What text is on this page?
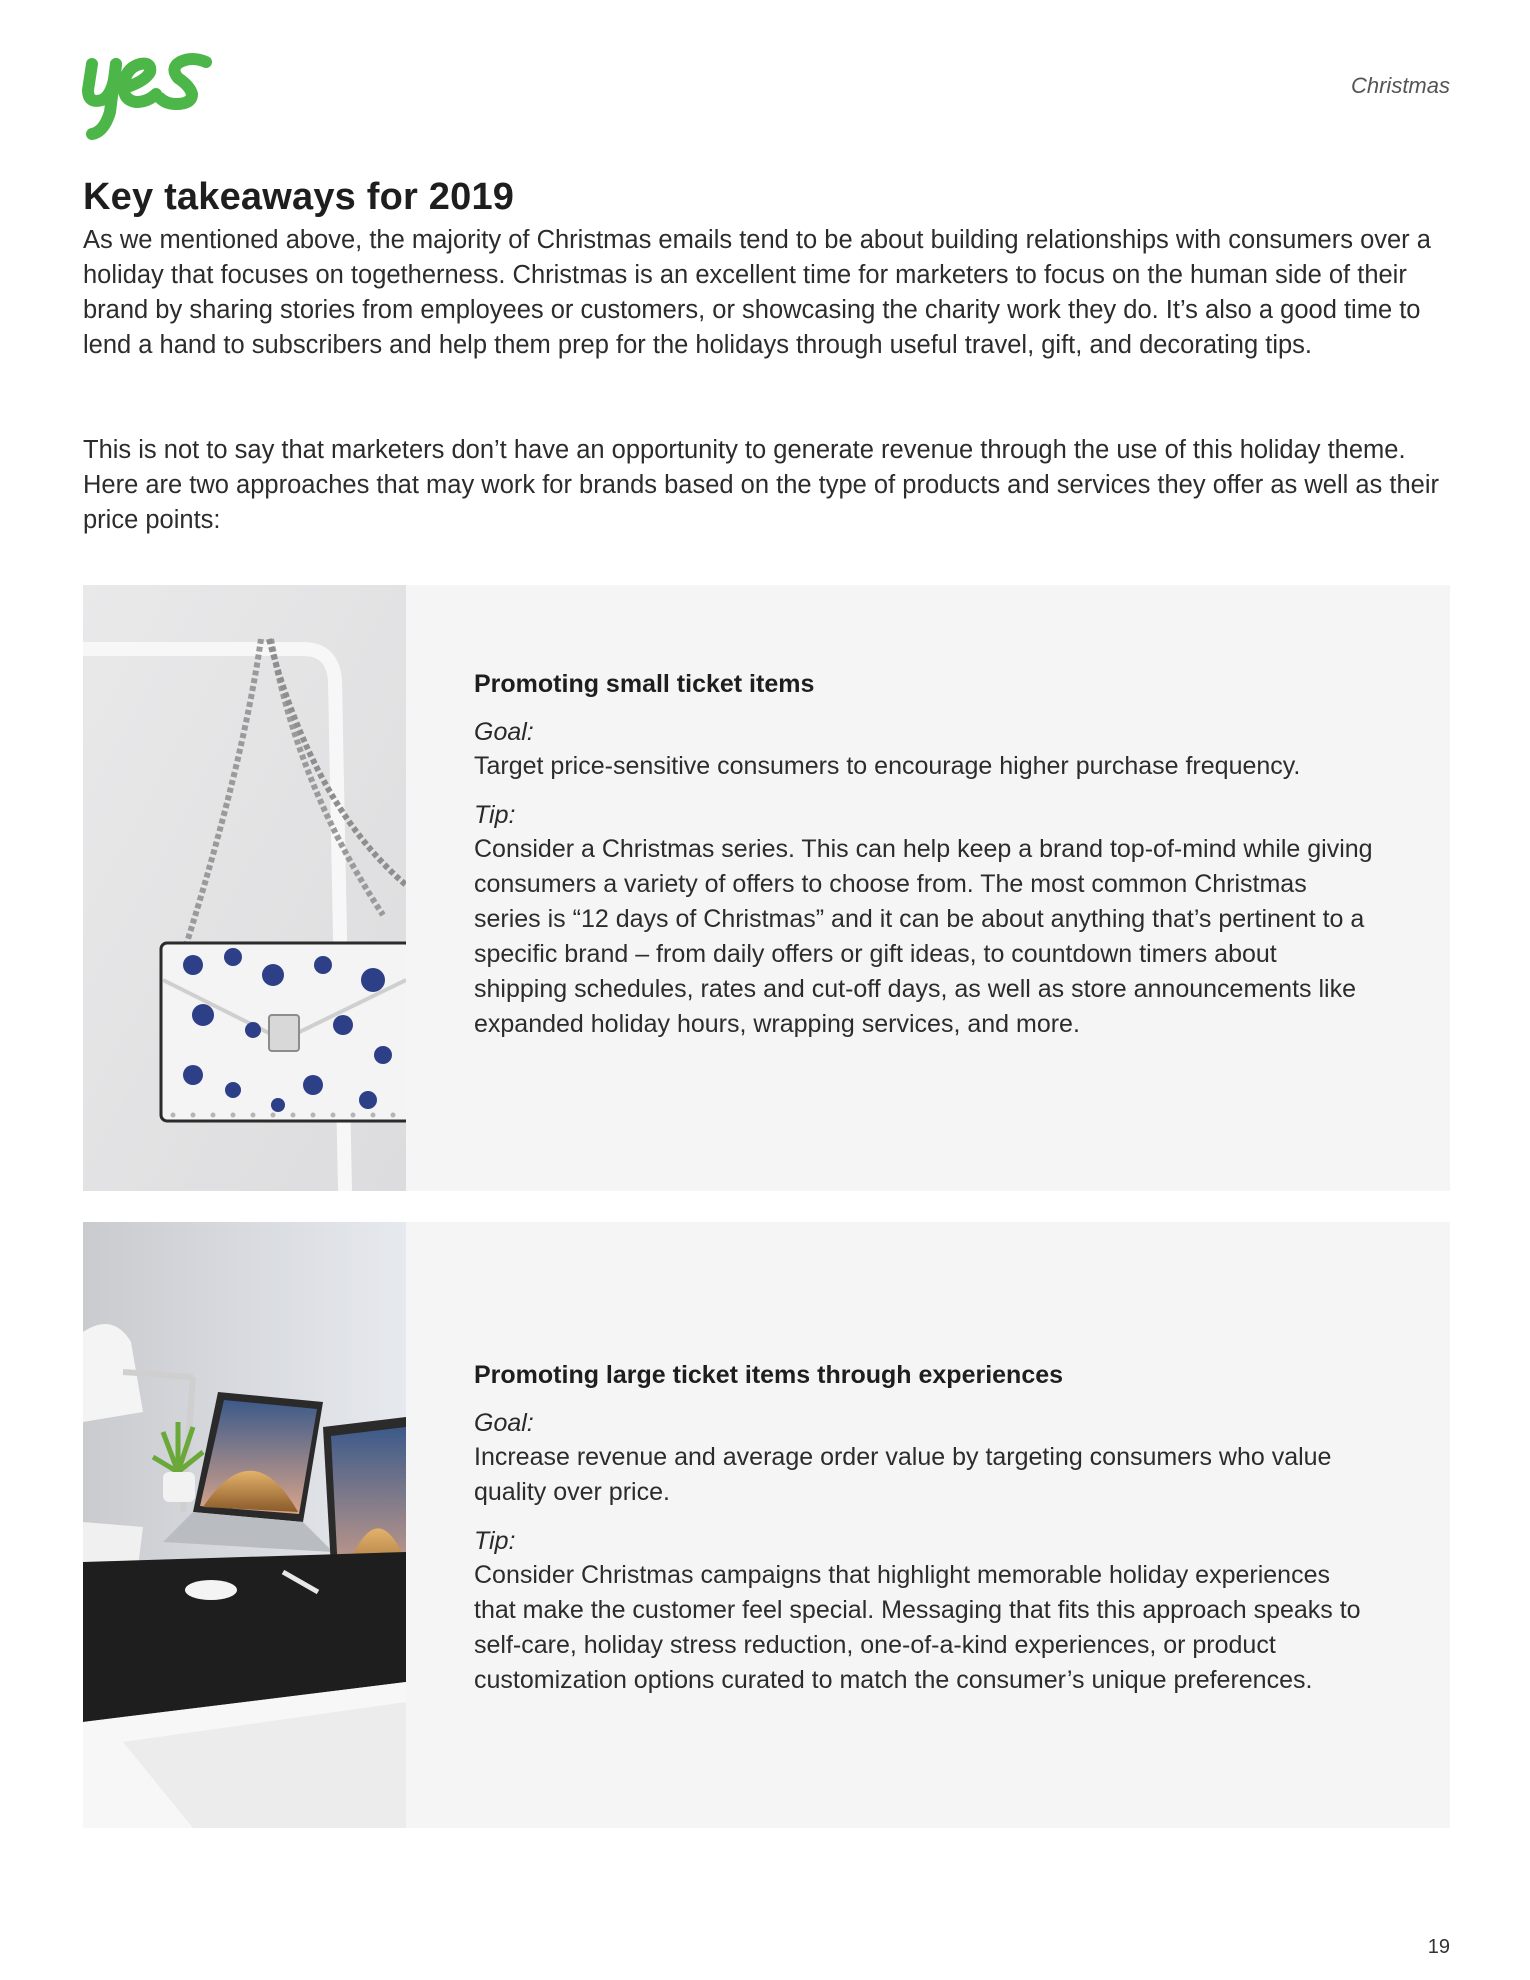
Christmas
Key takeaways for 2019

As we mentioned above, the majority of Christmas emails tend to be about building relationships with consumers over a holiday that focuses on togetherness. Christmas is an excellent time for marketers to focus on the human side of their brand by sharing stories from employees or customers, or showcasing the charity work they do. It’s also a good time to lend a hand to subscribers and help them prep for the holidays through useful travel, gift, and decorating tips.

This is not to say that marketers don’t have an opportunity to generate revenue through the use of this holiday theme. Here are two approaches that may work for brands based on the type of products and services they offer as well as their price points:

Promoting small ticket items

Goal:

Target price-sensitive consumers to encourage higher purchase frequency.

Tip:

Consider a Christmas series. This can help keep a brand top-of-mind while giving consumers a variety of offers to choose from. The most common Christmas series is “12 days of Christmas” and it can be about anything that’s pertinent to a specific brand – from daily offers or gift ideas, to countdown timers about shipping schedules, rates and cut-off days, as well as store announcements like expanded holiday hours, wrapping services, and more.

Promoting large ticket items through experiences

Goal:

Increase revenue and average order value by targeting consumers who value quality over price.

Tip:

Consider Christmas campaigns that highlight memorable holiday experiences that make the customer feel special. Messaging that fits this approach speaks to self-care, holiday stress reduction, one-of-a-kind experiences, or product customization options curated to match the consumer’s unique preferences.

19
